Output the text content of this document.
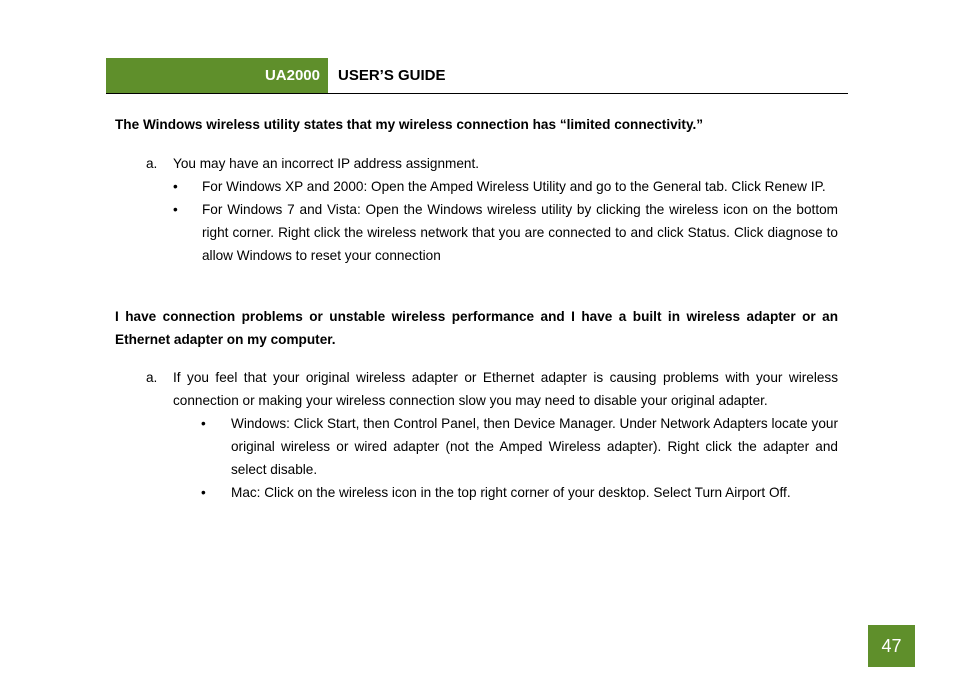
UA2000 USER’S GUIDE

The Windows wireless utility states that my wireless connection has “limited connectivity.”

a. You may have an incorrect IP address assignment.

• For Windows XP and 2000: Open the Amped Wireless Utility and go to the General tab. Click Renew IP.
• For Windows 7 and Vista: Open the Windows wireless utility by clicking the wireless icon on the bottom right corner. Right click the wireless network that you are connected to and click Status. Click diagnose to allow Windows to reset your connection

I have connection problems or unstable wireless performance and I have a built in wireless adapter or an Ethernet adapter on my computer.

a. If you feel that your original wireless adapter or Ethernet adapter is causing problems with your wireless connection or making your wireless connection slow you may need to disable your original adapter.

• Windows: Click Start, then Control Panel, then Device Manager. Under Network Adapters locate your original wireless or wired adapter (not the Amped Wireless adapter). Right click the adapter and select disable.
• Mac: Click on the wireless icon in the top right corner of your desktop. Select Turn Airport Off.
47
